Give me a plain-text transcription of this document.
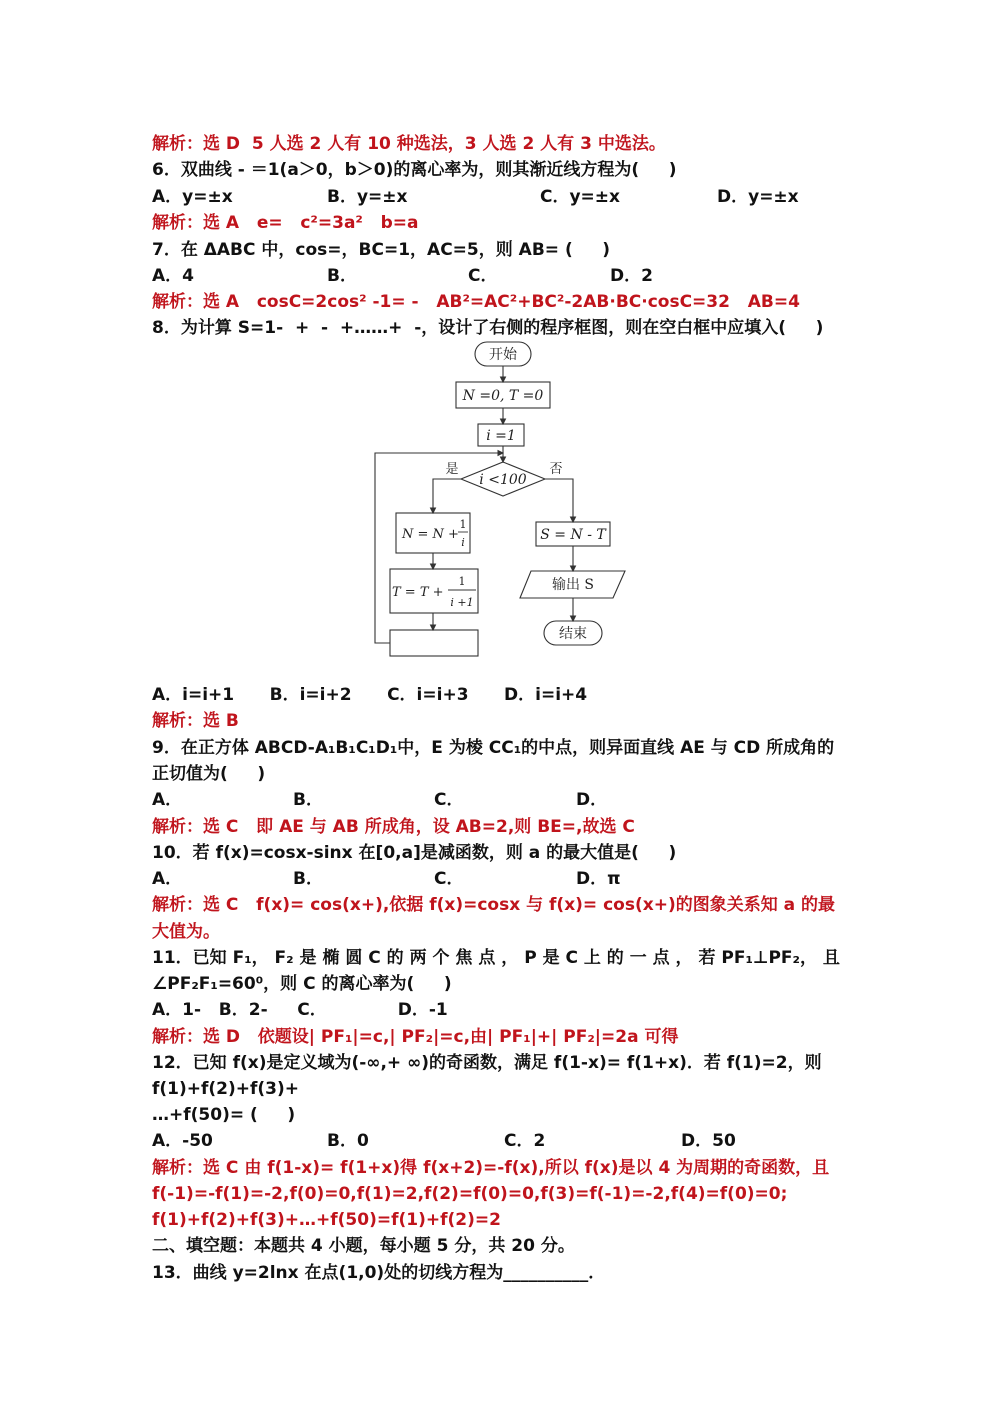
解析：选 D  5 人选 2 人有 10 种选法，3 人选 2 人有 3 中选法。
6．双曲线 - ＝1(a＞0，b＞0)的离心率为，则其渐近线方程为(     )
A．y=±x	B．y=±x	C．y=±x	D．y=±x
解析：选 A   e=   c²=3a²   b=a
7．在 ΔABC 中，cos=，BC=1，AC=5，则 AB= (     )
A．4	B．	C．	D．2
解析：选 A   cosC=2cos² -1= -   AB²=AC²+BC²-2AB·BC·cosC=32   AB=4
8．为计算 S=1-  +  -  +……+  -，设计了右侧的程序框图，则在空白框中应填入(     )
开始
N =0, T =0
i =1
i <100
是	否
N = N +
1
i
T = T +
1
i +1
S = N - T
输出 S
结束
A．i=i+1      B．i=i+2      C．i=i+3      D．i=i+4
解析：选 B
9．在正方体 ABCD-A₁B₁C₁D₁中，E 为棱 CC₁的中点，则异面直线 AE 与 CD 所成角的
正切值为(     )
A．	B．	C．	D．
解析：选 C   即 AE 与 AB 所成角，设 AB=2,则 BE=,故选 C
10．若 f(x)=cosx-sinx 在[0,a]是减函数，则 a 的最大值是(     )
A．	B．	C．	D．π
解析：选 C   f(x)= cos(x+),依据 f(x)=cosx 与 f(x)= cos(x+)的图象关系知 a 的最
大值为。
11．已知 F₁， F₂ 是 椭 圆 C 的 两 个 焦 点 ， P 是 C 上 的 一 点 ， 若 PF₁⊥PF₂， 且
∠PF₂F₁=60⁰，则 C 的离心率为(     )
A．1-   B．2-     C．            D．-1
解析：选 D   依题设| PF₁|=c,| PF₂|=c,由| PF₁|+| PF₂|=2a 可得
12．已知 f(x)是定义域为(-∞,+ ∞)的奇函数，满足 f(1-x)= f(1+x)．若 f(1)=2，则
f(1)+f(2)+f(3)+
…+f(50)= (     )
A．-50	B．0	C．2	D．50
解析：选 C 由 f(1-x)= f(1+x)得 f(x+2)=-f(x),所以 f(x)是以 4 为周期的奇函数，且
f(-1)=-f(1)=-2,f(0)=0,f(1)=2,f(2)=f(0)=0,f(3)=f(-1)=-2,f(4)=f(0)=0;
f(1)+f(2)+f(3)+…+f(50)=f(1)+f(2)=2
二、填空题：本题共 4 小题，每小题 5 分，共 20 分。
13．曲线 y=2lnx 在点(1,0)处的切线方程为__________．
